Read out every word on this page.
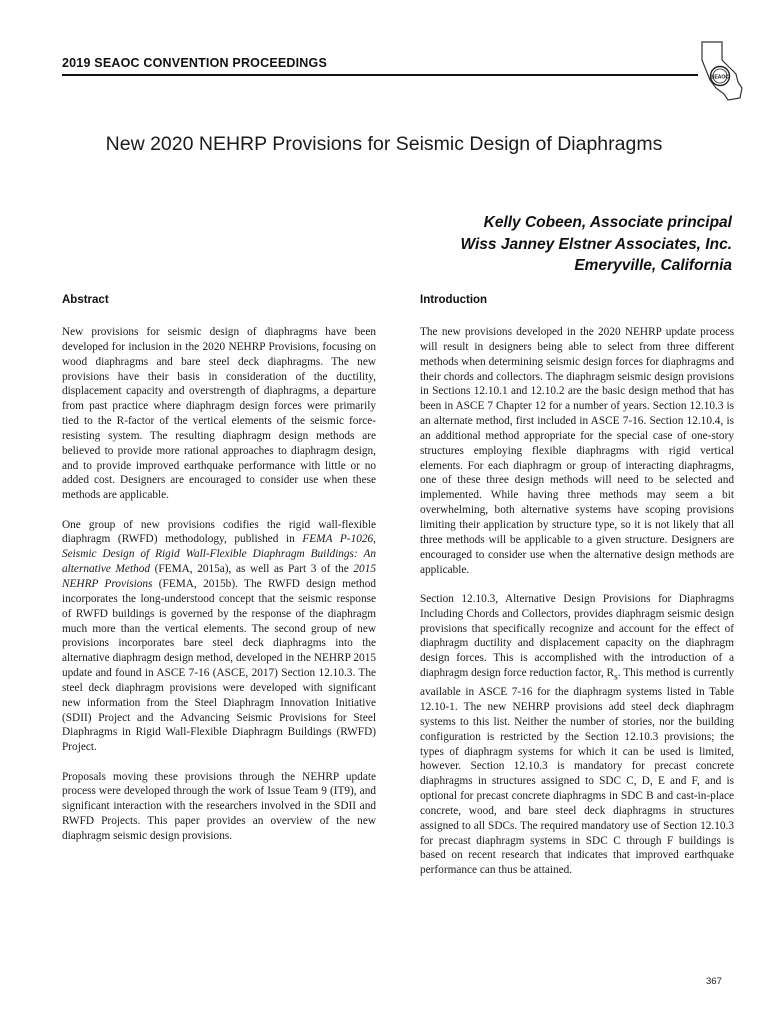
2019 SEAOC CONVENTION PROCEEDINGS
SEAOC
New 2020 NEHRP Provisions for Seismic Design of Diaphragms
Kelly Cobeen, Associate principal
Wiss Janney Elstner Associates, Inc.
Emeryville, California
Abstract

New provisions for seismic design of diaphragms have been developed for inclusion in the 2020 NEHRP Provisions, focusing on wood diaphragms and bare steel deck diaphragms. The new provisions have their basis in consideration of the ductility, displacement capacity and overstrength of diaphragms, a departure from past practice where diaphragm design forces were primarily tied to the R-factor of the vertical elements of the seismic force-resisting system. The resulting diaphragm design methods are believed to provide more rational approaches to diaphragm design, and to provide improved earthquake performance with little or no added cost. Designers are encouraged to consider use when these methods are applicable.

One group of new provisions codifies the rigid wall-flexible diaphragm (RWFD) methodology, published in FEMA P-1026, Seismic Design of Rigid Wall-Flexible Diaphragm Buildings: An alternative Method (FEMA, 2015a), as well as Part 3 of the 2015 NEHRP Provisions (FEMA, 2015b). The RWFD design method incorporates the long-understood concept that the seismic response of RWFD buildings is governed by the response of the diaphragm much more than the vertical elements. The second group of new provisions incorporates bare steel deck diaphragms into the alternative diaphragm design method, developed in the NEHRP 2015 update and found in ASCE 7-16 (ASCE, 2017) Section 12.10.3. The steel deck diaphragm provisions were developed with significant new information from the Steel Diaphragm Innovation Initiative (SDII) Project and the Advancing Seismic Provisions for Steel Diaphragms in Rigid Wall-Flexible Diaphragm Buildings (RWFD) Project.

Proposals moving these provisions through the NEHRP update process were developed through the work of Issue Team 9 (IT9), and significant interaction with the researchers involved in the SDII and RWFD Projects. This paper provides an overview of the new diaphragm seismic design provisions.

Introduction

The new provisions developed in the 2020 NEHRP update process will result in designers being able to select from three different methods when determining seismic design forces for diaphragms and their chords and collectors. The diaphragm seismic design provisions in Sections 12.10.1 and 12.10.2 are the basic design method that has been in ASCE 7 Chapter 12 for a number of years. Section 12.10.3 is an alternate method, first included in ASCE 7-16. Section 12.10.4, is an additional method appropriate for the special case of one-story structures employing flexible diaphragms with rigid vertical elements. For each diaphragm or group of interacting diaphragms, one of these three design methods will need to be selected and implemented. While having three methods may seem a bit overwhelming, both alternative systems have scoping provisions limiting their application by structure type, so it is not likely that all three methods will be applicable to a given structure. Designers are encouraged to consider use when the alternative design methods are applicable.

Section 12.10.3, Alternative Design Provisions for Diaphragms Including Chords and Collectors, provides diaphragm seismic design provisions that specifically recognize and account for the effect of diaphragm ductility and displacement capacity on the diaphragm design forces. This is accomplished with the introduction of a diaphragm design force reduction factor, $R_s$. This method is currently available in ASCE 7-16 for the diaphragm systems listed in Table 12.10-1. The new NEHRP provisions add steel deck diaphragm systems to this list. Neither the number of stories, nor the building configuration is restricted by the Section 12.10.3 provisions; the types of diaphragm systems for which it can be used is limited, however. Section 12.10.3 is mandatory for precast concrete diaphragms in structures assigned to SDC C, D, E and F, and is optional for precast concrete diaphragms in SDC B and cast-in-place concrete, wood, and bare steel deck diaphragms in structures assigned to all SDCs. The required mandatory use of Section 12.10.3 for precast diaphragm systems in SDC C through F buildings is based on recent research that indicates that improved earthquake performance can thus be attained.

367
